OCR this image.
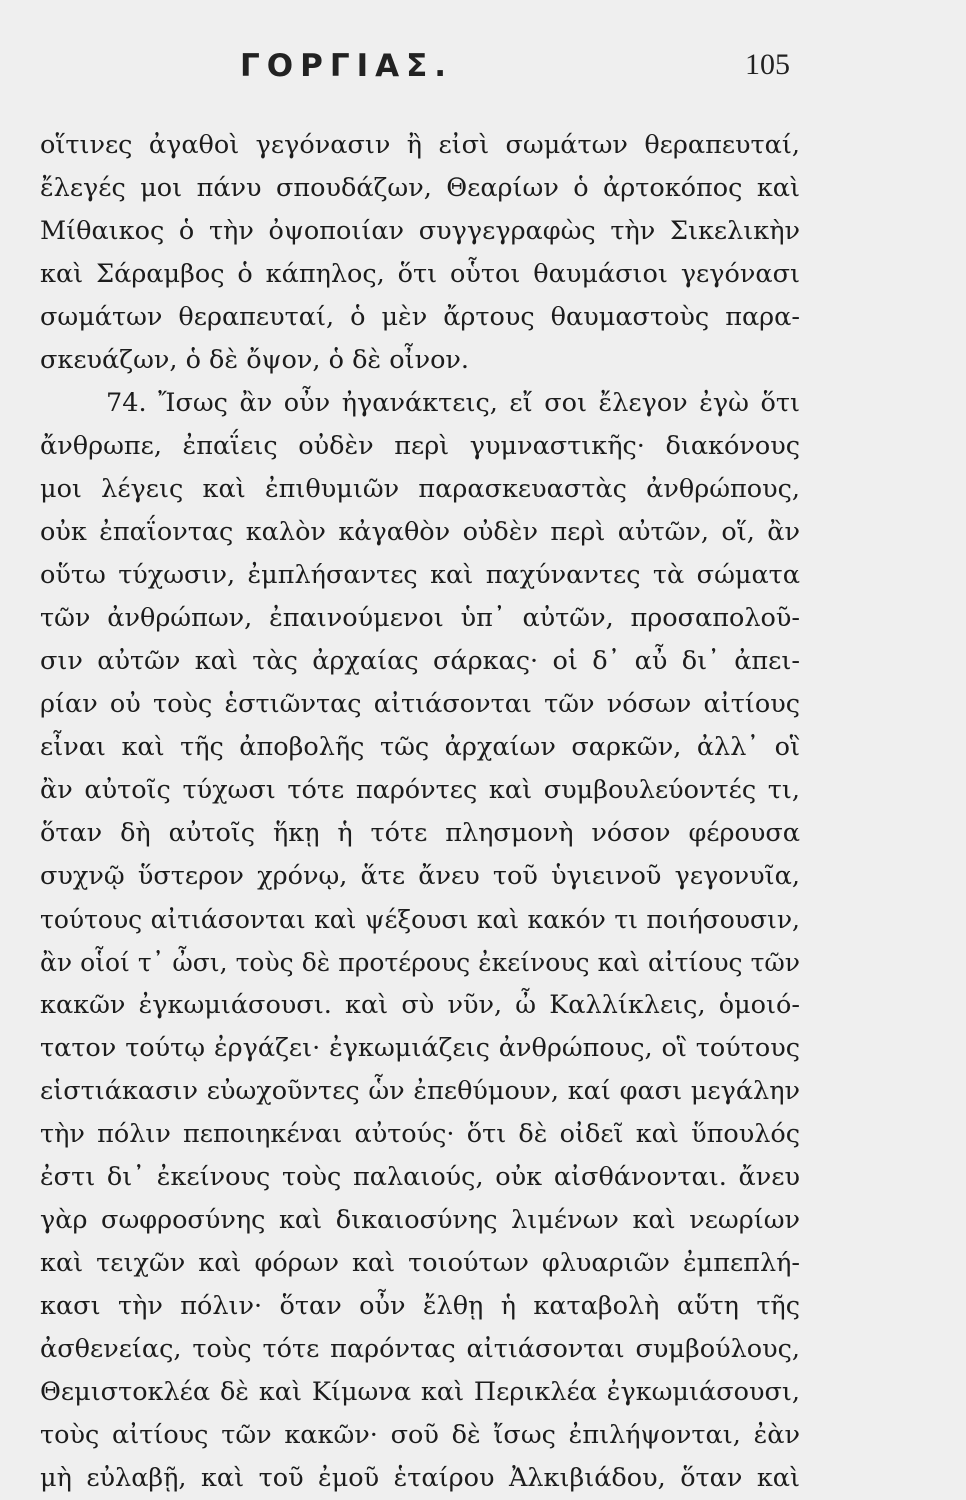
ΓΟΡΓΙΑΣ.	105
οἵτινες ἀγαθοὶ γεγόνασιν ἢ εἰσὶ σωμάτων θεραπευταί,
ἔλεγές μοι πάνυ σπουδάζων, Θεαρίων ὁ ἀρτοκόπος καὶ
Μίθαικος ὁ τὴν ὀψοποιίαν συγγεγραφὼς τὴν Σικελικὴν
καὶ Σάραμβος ὁ κάπηλος, ὅτι οὗτοι θαυμάσιοι γεγόνασι
σωμάτων θεραπευταί, ὁ μὲν ἄρτους θαυμαστοὺς παρα-
σκευάζων, ὁ δὲ ὄψον, ὁ δὲ οἶνον.
74. Ἴσως ἂν οὖν ἠγανάκτεις, εἴ σοι ἔλεγον ἐγὼ ὅτι
ἄνθρωπε, ἐπαΐεις οὐδὲν περὶ γυμναστικῆς· διακόνους
μοι λέγεις καὶ ἐπιθυμιῶν παρασκευαστὰς ἀνθρώπους,
οὐκ ἐπαΐοντας καλὸν κἀγαθὸν οὐδὲν περὶ αὐτῶν, οἵ, ἂν
οὕτω τύχωσιν, ἐμπλήσαντες καὶ παχύναντες τὰ σώματα
τῶν ἀνθρώπων, ἐπαινούμενοι ὑπ᾽ αὐτῶν, προσαπολοῦ-
σιν αὐτῶν καὶ τὰς ἀρχαίας σάρκας· οἱ δ᾽ αὖ δι᾽ ἀπει-
ρίαν οὐ τοὺς ἑστιῶντας αἰτιάσονται τῶν νόσων αἰτίους
εἶναι καὶ τῆς ἀποβολῆς τῶς ἀρχαίων σαρκῶν, ἀλλ᾽ οἳ
ἂν αὐτοῖς τύχωσι τότε παρόντες καὶ συμβουλεύοντές τι,
ὅταν δὴ αὐτοῖς ἥκῃ ἡ τότε πλησμονὴ νόσον φέρουσα
συχνῷ ὕστερον χρόνῳ, ἅτε ἄνευ τοῦ ὑγιεινοῦ γεγονυῖα,
τούτους αἰτιάσονται καὶ ψέξουσι καὶ κακόν τι ποιήσουσιν,
ἂν οἷοί τ᾽ ὦσι, τοὺς δὲ προτέρους ἐκείνους καὶ αἰτίους τῶν
κακῶν ἐγκωμιάσουσι. καὶ σὺ νῦν, ὦ Καλλίκλεις, ὁμοιό-
τατον τούτῳ ἐργάζει· ἐγκωμιάζεις ἀνθρώπους, οἳ τούτους
εἱστιάκασιν εὐωχοῦντες ὧν ἐπεθύμουν, καί φασι μεγάλην
τὴν πόλιν πεποιηκέναι αὐτούς· ὅτι δὲ οἰδεῖ καὶ ὕπουλός
ἐστι δι᾽ ἐκείνους τοὺς παλαιούς, οὐκ αἰσθάνονται. ἄνευ
γὰρ σωφροσύνης καὶ δικαιοσύνης λιμένων καὶ νεωρίων
καὶ τειχῶν καὶ φόρων καὶ τοιούτων φλυαριῶν ἐμπεπλή-
κασι τὴν πόλιν· ὅταν οὖν ἔλθῃ ἡ καταβολὴ αὕτη τῆς
ἀσθενείας, τοὺς τότε παρόντας αἰτιάσονται συμβούλους,
Θεμιστοκλέα δὲ καὶ Κίμωνα καὶ Περικλέα ἐγκωμιάσουσι,
τοὺς αἰτίους τῶν κακῶν· σοῦ δὲ ἴσως ἐπιλήψονται, ἐὰν
μὴ εὐλαβῇ, καὶ τοῦ ἐμοῦ ἑταίρου Ἀλκιβιάδου, ὅταν καὶ
